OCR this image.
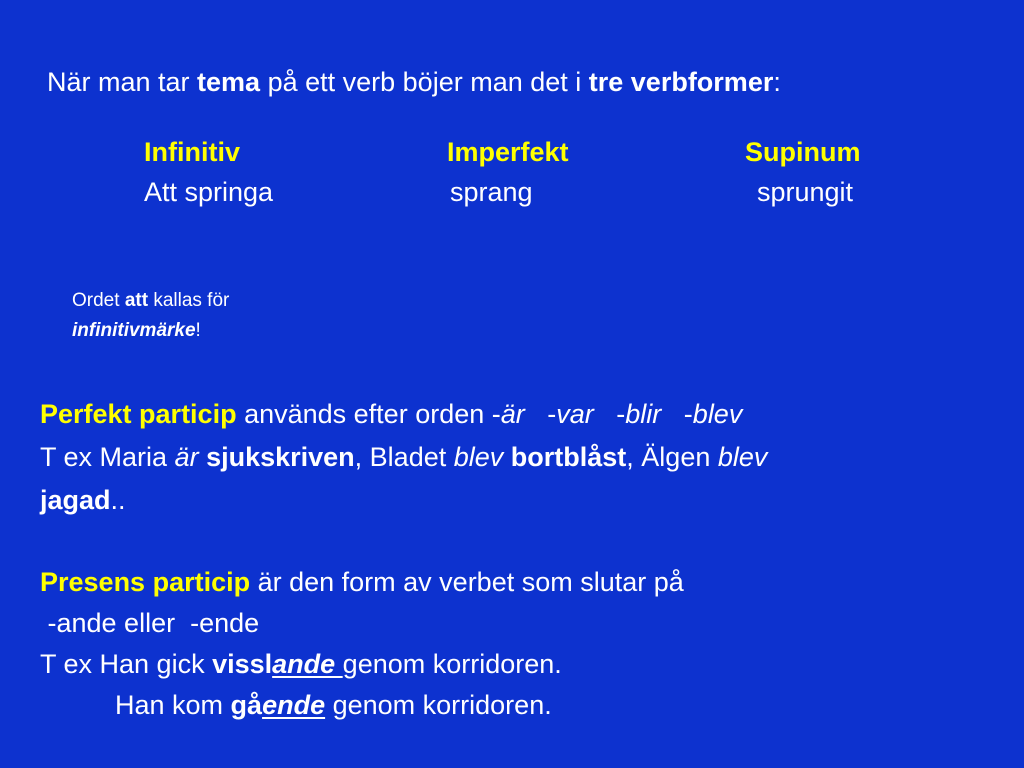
När man tar tema på ett verb böjer man det i tre verbformer:
Infinitiv	Imperfekt	Supinum
Att springa	sprang	sprungit
Ordet att kallas för
infinitivmärke!
Perfekt particip används efter orden -är   -var   -blir   -blev
T ex Maria är sjukskriven, Bladet blev bortblåst, Älgen blev
jagad..
Presens particip är den form av verbet som slutar på
-ande eller  -ende
T ex Han gick visslande genom korridoren.
Han kom gående genom korridoren.
